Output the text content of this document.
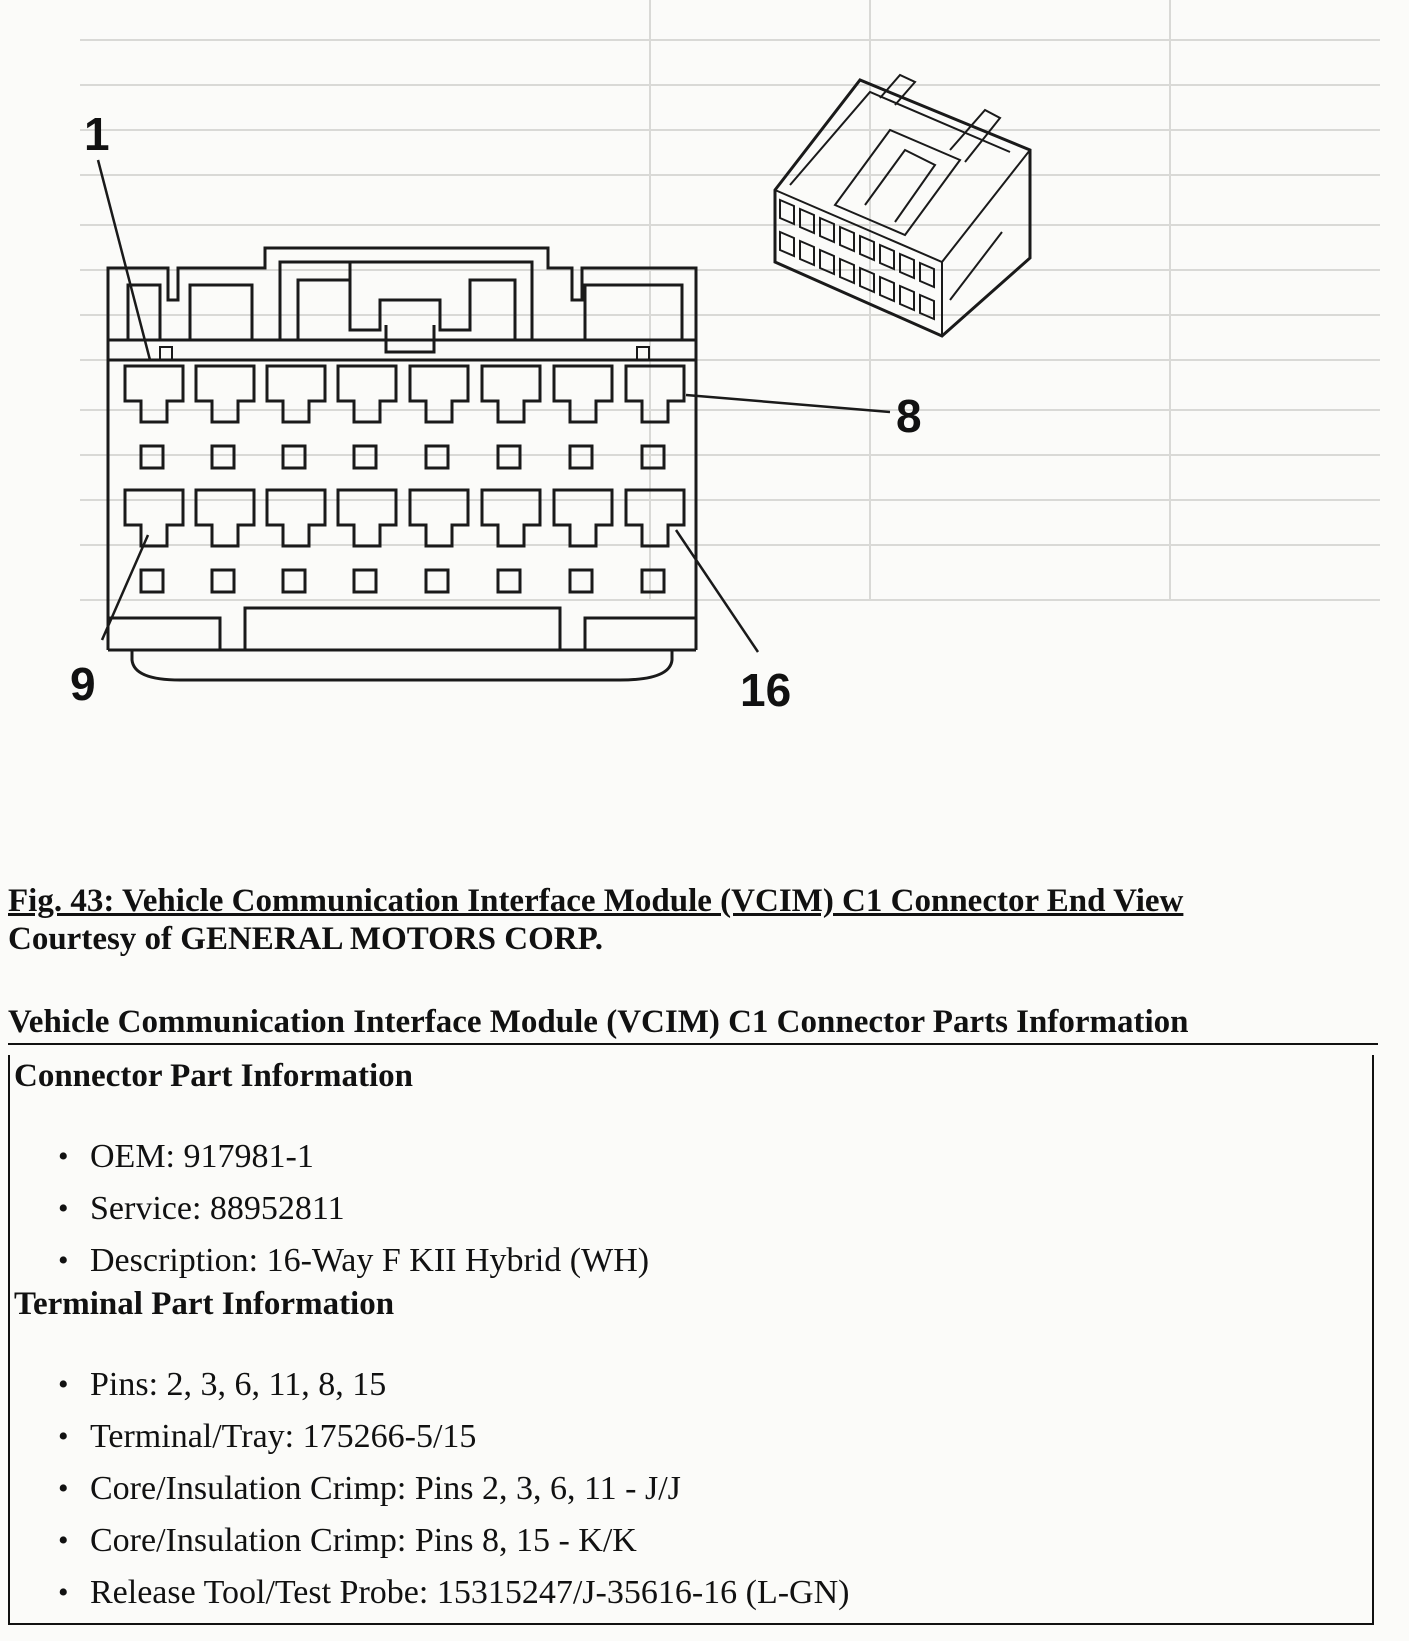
1
8
9	16
Fig. 43: Vehicle Communication Interface Module (VCIM) C1 Connector End View
Courtesy of GENERAL MOTORS CORP.
Vehicle Communication Interface Module (VCIM) C1 Connector Parts Information

Connector Part Information

• OEM: 917981-1
• Service: 88952811
• Description: 16-Way F KII Hybrid (WH)

Terminal Part Information

• Pins: 2, 3, 6, 11, 8, 15
• Terminal/Tray: 175266-5/15
• Core/Insulation Crimp: Pins 2, 3, 6, 11 - J/J
• Core/Insulation Crimp: Pins 8, 15 - K/K
• Release Tool/Test Probe: 15315247/J-35616-16 (L-GN)
